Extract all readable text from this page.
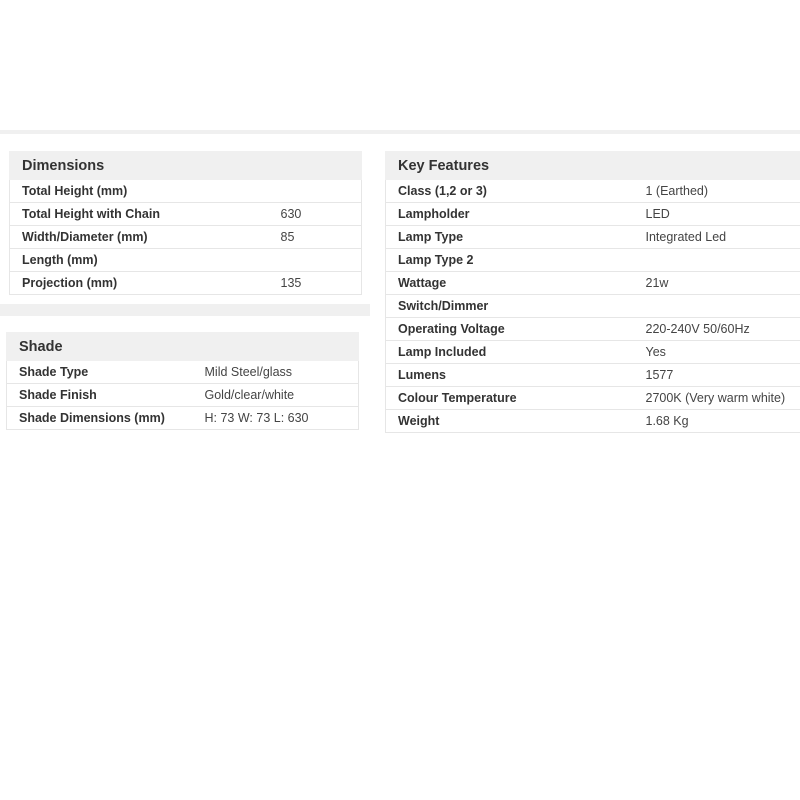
Dimensions	
Total Height (mm)	
Total Height with Chain	630
Width/Diameter (mm)	85
Length (mm)	
Projection (mm)	135
Shade	
Shade Type	Mild Steel/glass
Shade Finish	Gold/clear/white
Shade Dimensions (mm)	H: 73 W: 73 L: 630
Key Features	
Class (1,2 or 3)	1 (Earthed)
Lampholder	LED
Lamp Type	Integrated Led
Lamp Type 2	
Wattage	21w
Switch/Dimmer	
Operating Voltage	220-240V 50/60Hz
Lamp Included	Yes
Lumens	1577
Colour Temperature	2700K (Very warm white)
Weight	1.68 Kg
